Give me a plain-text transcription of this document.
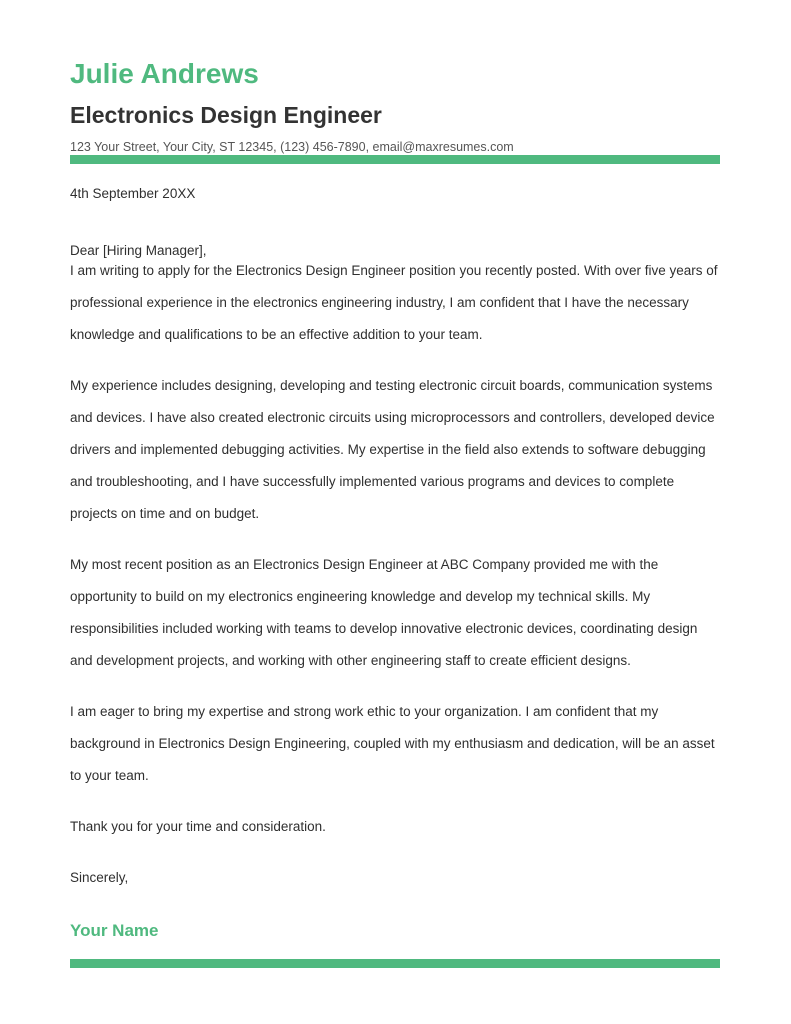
Julie Andrews
Electronics Design Engineer
123 Your Street, Your City, ST 12345, (123) 456-7890, email@maxresumes.com
4th September 20XX
Dear [Hiring Manager],
I am writing to apply for the Electronics Design Engineer position you recently posted. With over five years of professional experience in the electronics engineering industry, I am confident that I have the necessary knowledge and qualifications to be an effective addition to your team.
My experience includes designing, developing and testing electronic circuit boards, communication systems and devices. I have also created electronic circuits using microprocessors and controllers, developed device drivers and implemented debugging activities. My expertise in the field also extends to software debugging and troubleshooting, and I have successfully implemented various programs and devices to complete projects on time and on budget.
My most recent position as an Electronics Design Engineer at ABC Company provided me with the opportunity to build on my electronics engineering knowledge and develop my technical skills. My responsibilities included working with teams to develop innovative electronic devices, coordinating design and development projects, and working with other engineering staff to create efficient designs.
I am eager to bring my expertise and strong work ethic to your organization. I am confident that my background in Electronics Design Engineering, coupled with my enthusiasm and dedication, will be an asset to your team.
Thank you for your time and consideration.
Sincerely,
Your Name
